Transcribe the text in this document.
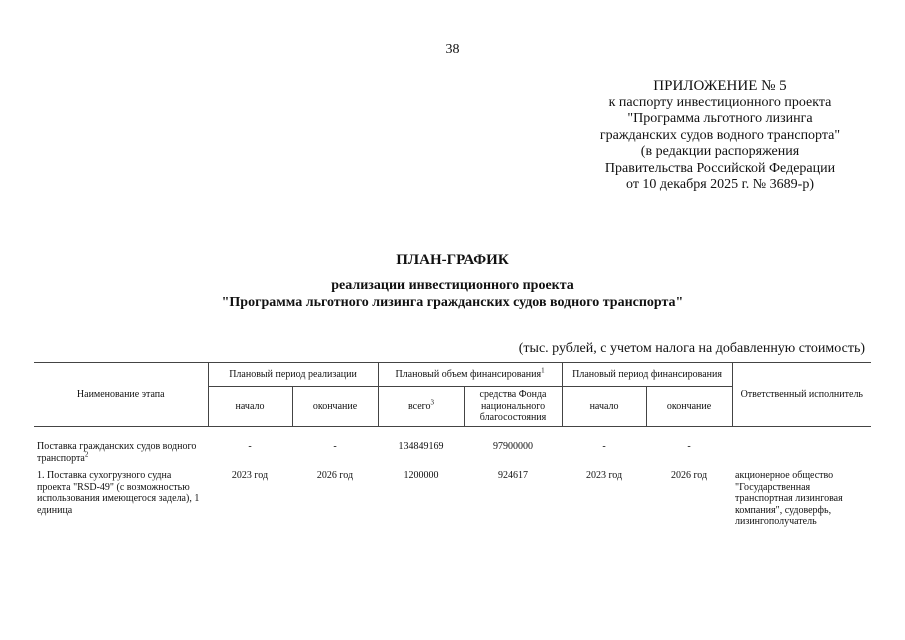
38
ПРИЛОЖЕНИЕ № 5
к паспорту инвестиционного проекта
"Программа льготного лизинга
гражданских судов водного транспорта"
(в редакции распоряжения
Правительства Российской Федерации
от 10 декабря 2025 г. № 3689-р)
ПЛАН-ГРАФИК
реализации инвестиционного проекта
"Программа льготного лизинга гражданских судов водного транспорта"
(тыс. рублей, с учетом налога на добавленную стоимость)
Наименование этапа	Плановый период реализации		Плановый объем финансирования$^1$		Плановый период финансирования		Ответственный исполнитель
	начало	окончание	всего$^3$	средства Фонда национального благосостояния	начало	окончание	

Поставка гражданских судов водного транспорта$^2$	-	-	134849169	97900000	-	-	
1. Поставка сухогрузного судна проекта "RSD-49" (с возможностью использования имеющегося задела), 1 единица	2023 год	2026 год	1200000	924617	2023 год	2026 год	акционерное общество "Государственная транспортная лизинговая компания", судоверфь, лизингополучатель
